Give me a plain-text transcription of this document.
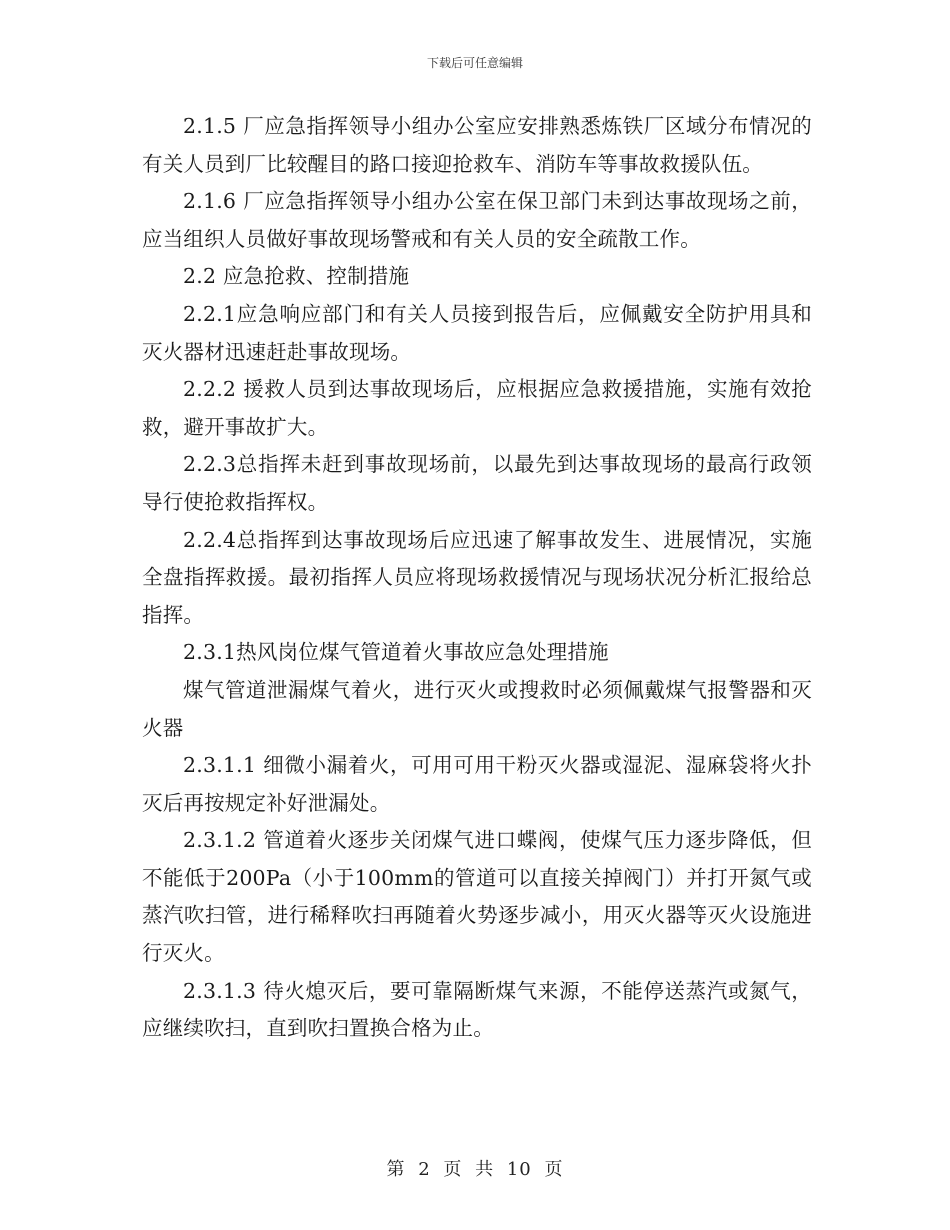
下载后可任意编辑

2.1.5 厂应急指挥领导小组办公室应安排熟悉炼铁厂区域分布情况的有关人员到厂比较醒目的路口接迎抢救车、消防车等事故救援队伍。

2.1.6 厂应急指挥领导小组办公室在保卫部门未到达事故现场之前，应当组织人员做好事故现场警戒和有关人员的安全疏散工作。

2.2 应急抢救、控制措施

2.2.1应急响应部门和有关人员接到报告后，应佩戴安全防护用具和灭火器材迅速赶赴事故现场。

2.2.2 援救人员到达事故现场后，应根据应急救援措施，实施有效抢救，避开事故扩大。

2.2.3总指挥未赶到事故现场前，以最先到达事故现场的最高行政领导行使抢救指挥权。

2.2.4总指挥到达事故现场后应迅速了解事故发生、进展情况，实施全盘指挥救援。最初指挥人员应将现场救援情况与现场状况分析汇报给总指挥。

2.3.1热风岗位煤气管道着火事故应急处理措施

煤气管道泄漏煤气着火，进行灭火或搜救时必须佩戴煤气报警器和灭火器

2.3.1.1 细微小漏着火，可用可用干粉灭火器或湿泥、湿麻袋将火扑灭后再按规定补好泄漏处。

2.3.1.2 管道着火逐步关闭煤气进口蝶阀，使煤气压力逐步降低，但不能低于200Pa（小于100mm的管道可以直接关掉阀门）并打开氮气或蒸汽吹扫管，进行稀释吹扫再随着火势逐步减小，用灭火器等灭火设施进行灭火。

2.3.1.3 待火熄灭后，要可靠隔断煤气来源，不能停送蒸汽或氮气，应继续吹扫，直到吹扫置换合格为止。

第 2 页 共 10 页
